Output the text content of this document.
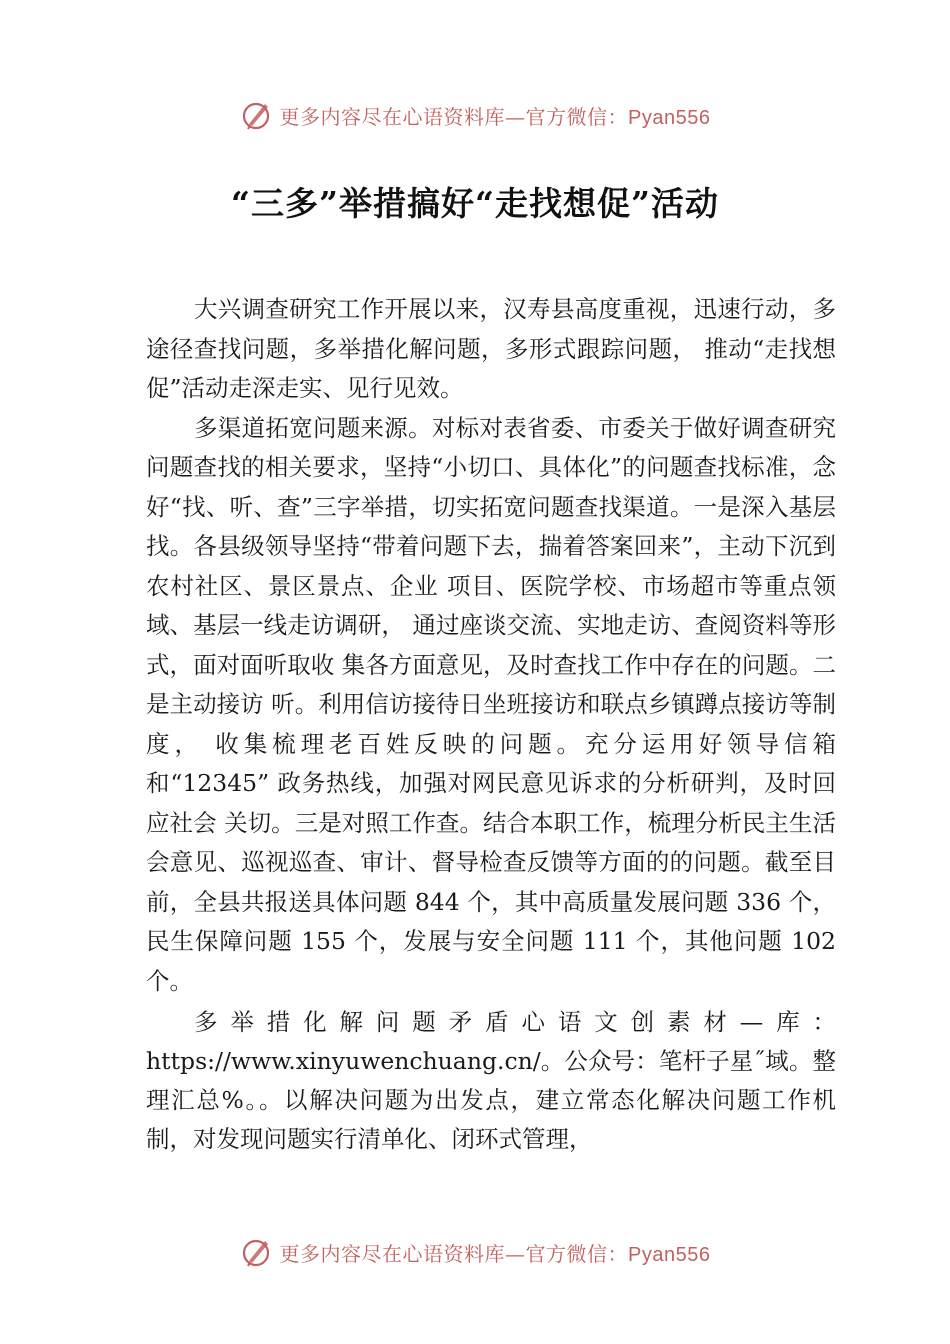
更多内容尽在心语资料库—官方微信：Pyan556
“三多”举措搞好“走找想促”活动

大兴调查研究工作开展以来，汉寿县高度重视，迅速行动，多途径查找问题，多举措化解问题，多形式跟踪问题， 推动“走找想促”活动走深走实、见行见效。

多渠道拓宽问题来源。对标对表省委、市委关于做好调查研究问题查找的相关要求，坚持“小切口、具体化”的问题查找标准，念好“找、听、查”三字举措，切实拓宽问题查找渠道。一是深入基层找。各县级领导坚持“带着问题下去，揣着答案回来”，主动下沉到农村社区、景区景点、企业 项目、医院学校、市场超市等重点领域、基层一线走访调研， 通过座谈交流、实地走访、查阅资料等形式，面对面听取收 集各方面意见，及时查找工作中存在的问题。二是主动接访 听。利用信访接待日坐班接访和联点乡镇蹲点接访等制度， 收集梳理老百姓反映的问题。充分运用好领导信箱和“12345” 政务热线，加强对网民意见诉求的分析研判，及时回应社会 关切。三是对照工作查。结合本职工作，梳理分析民主生活会意见、巡视巡查、审计、督导检查反馈等方面的的问题。截至目前，全县共报送具体问题 844 个，其中高质量发展问题 336 个，民生保障问题 155 个，发展与安全问题 111 个，其他问题 102 个。

多举措化解问题矛盾心语文创素材—库：https://www.xinyuwenchuang.cn/。公众号：笔杆子星˝域。整理汇总%。。以解决问题为出发点，建立常态化解决问题工作机制，对发现问题实行清单化、闭环式管理，

更多内容尽在心语资料库—官方微信：Pyan556
